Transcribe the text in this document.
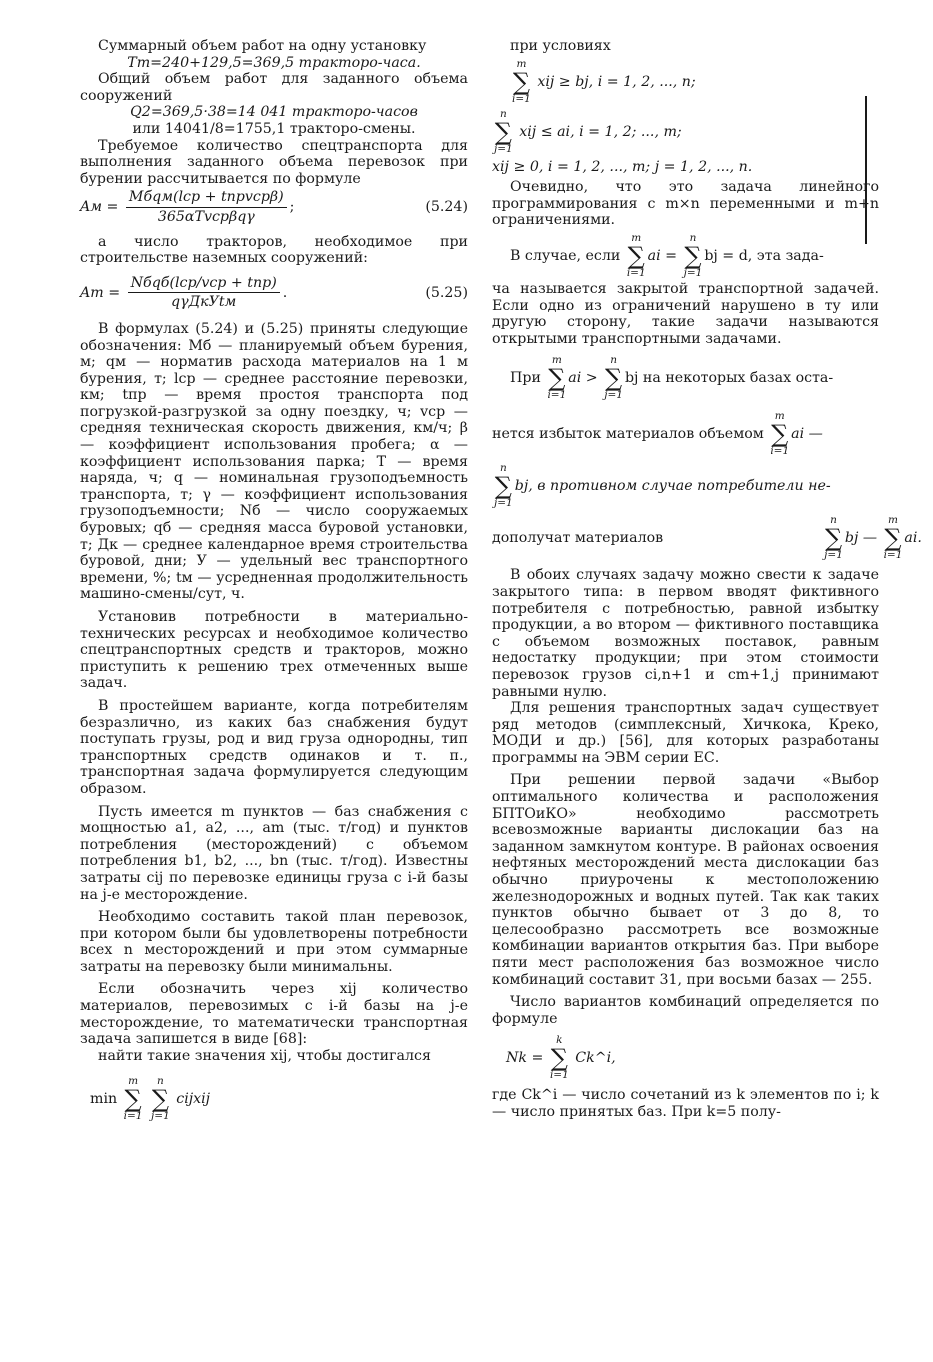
Суммарный объем работ на одну установку

Tт=240+129,5=369,5 тракторо-часа.

Общий объем работ для заданного объема сооружений

Q2=369,5·38=14 041 тракторо-часов

или 14041/8=1755,1 тракторо-смены.

Требуемое количество спецтранспорта для выполнения заданного объема перевозок при бурении рассчитывается по формуле

Aм = $\frac{\text{Mбqм(lср + tпрvсрβ)}}{\text{365αTvсрβqγ}}$ ;	(5.24)

а число тракторов, необходимое при строительстве наземных сооружений:

Aт = $\frac{\text{Nбqб(lср/vср + tпр)}}{\text{qγДкУtм}}$ .	(5.25)

В формулах (5.24) и (5.25) приняты следующие обозначения: Mб — планируемый объем бурения, м; qм — норматив расхода материалов на 1 м бурения, т; lср — среднее расстояние перевозки, км; tпр — время простоя транспорта под погрузкой-разгрузкой за одну поездку, ч; vср — средняя техническая скорость движения, км/ч; β — коэффициент использования пробега; α — коэффициент использования парка; T — время наряда, ч; q — номинальная грузоподъемность транспорта, т; γ — коэффициент использования грузоподъемности; Nб — число сооружаемых буровых; qб — средняя масса буровой установки, т; Дк — среднее календарное время строительства буровой, дни; У — удельный вес транспортного времени, %; tм — усредненная продолжительность машино-смены/сут, ч.

Установив потребности в материально-технических ресурсах и необходимое количество спецтранспортных средств и тракторов, можно приступить к решению трех отмеченных выше задач.

В простейшем варианте, когда потребителям безразлично, из каких баз снабжения будут поступать грузы, род и вид груза однородны, тип транспортных средств одинаков и т. п., транспортная задача формулируется следующим образом.

Пусть имеется m пунктов — баз снабжения с мощностью a1, a2, ..., am (тыс. т/год) и пунктов потребления (месторождений) с объемом потребления b1, b2, ..., bn (тыс. т/год). Известны затраты cij по перевозке единицы груза с i-й базы на j-е месторождение.

Необходимо составить такой план перевозок, при котором были бы удовлетворены потребности всех n месторождений и при этом суммарные затраты на перевозку были минимальны.

Если обозначить через xij количество материалов, перевозимых с i-й базы на j-е месторождение, то математически транспортная задача запишется в виде [68]:

найти такие значения xij, чтобы достигался

min
m
∑
i=1

n
∑
j=1
cijxij

при условиях

m
∑
i=1
xij ≥ bj, i = 1, 2, ..., n;
n
∑
j=1
xij ≤ ai, i = 1, 2; ..., m;
xij ≥ 0, i = 1, 2, ..., m; j = 1, 2, ..., n.

Очевидно, что это задача линейного программирования с m×n переменными и m+n ограничениями.

В случае, если
m
∑
i=1
ai =
n
∑
j=1
bj = d, эта зада-

ча называется закрытой транспортной задачей. Если одно из ограничений нарушено в ту или другую сторону, такие задачи называются открытыми транспортными задачами.

При
m
∑
i=1
ai >
n
∑
j=1
bj на некоторых базах оста-
нется избыток материалов объемом
m
∑
i=1
ai —
n
∑
j=1
bj, в противном случае потребители не-
дополучат материалов
n
∑
j=1
bj —
m
∑
i=1
ai.

В обоих случаях задачу можно свести к задаче закрытого типа: в первом вводят фиктивного потребителя с потребностью, равной избытку продукции, а во втором — фиктивного поставщика с объемом возможных поставок, равным недостатку продукции; при этом стоимости перевозок грузов ci,n+1 и cm+1,j принимают равными нулю.

Для решения транспортных задач существует ряд методов (симплексный, Хичкока, Креко, МОДИ и др.) [56], для которых разработаны программы на ЭВМ серии ЕС.

При решении первой задачи «Выбор оптимального количества и расположения БПТОиКО» необходимо рассмотреть всевозможные варианты дислокации баз на заданном замкнутом контуре. В районах освоения нефтяных месторождений места дислокации баз обычно приурочены к местоположению железнодорожных и водных путей. Так как таких пунктов обычно бывает от 3 до 8, то целесообразно рассмотреть все возможные комбинации вариантов открытия баз. При выборе пяти мест расположения баз возможное число комбинаций составит 31, при восьми базах — 255.

Число вариантов комбинаций определяется по формуле

Nk =
k
∑
i=1
Ck^i,

где Ck^i — число сочетаний из k элементов по i; k — число принятых баз. При k=5 полу-
